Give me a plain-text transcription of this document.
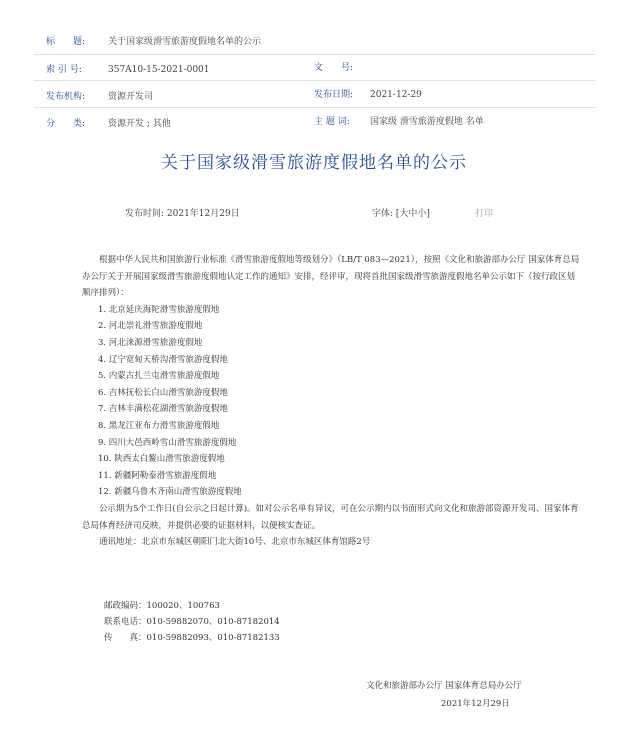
标　　题:	关于国家级滑雪旅游度假地名单的公示
索 引 号:	357A10-15-2021-0001	文　　号:
发布机构:	资源开发司	发布日期: 2021-12-29
分　　类:	资源开发 ; 其他	主 题 词: 国家级 滑雪旅游度假地 名单
关于国家级滑雪旅游度假地名单的公示
发布时间: 2021年12月29日	字体: [大中小]	打印

根据中华人民共和国旅游行业标准《滑雪旅游度假地等级划分》（LB/T 083—2021），按照《文化和旅游部办公厅 国家体育总局办公厅关于开展国家级滑雪旅游度假地认定工作的通知》安排，经评审，现将首批国家级滑雪旅游度假地名单公示如下（按行政区划顺序排列）：

1. 北京延庆海陀滑雪旅游度假地
2. 河北崇礼滑雪旅游度假地
3. 河北涞源滑雪旅游度假地
4. 辽宁宽甸天桥沟滑雪旅游度假地
5. 内蒙古扎兰屯滑雪旅游度假地
6. 吉林抚松长白山滑雪旅游度假地
7. 吉林丰满松花湖滑雪旅游度假地
8. 黑龙江亚布力滑雪旅游度假地
9. 四川大邑西岭雪山滑雪旅游度假地
10. 陕西太白鳌山滑雪旅游度假地
11. 新疆阿勒泰滑雪旅游度假地
12. 新疆乌鲁木齐南山滑雪旅游度假地

公示期为5个工作日(自公示之日起计算)。如对公示名单有异议，可在公示期内以书面形式向文化和旅游部资源开发司、国家体育总局体育经济司反映，并提供必要的证据材料，以便核实查证。

通讯地址：北京市东城区朝阳门北大街10号、北京市东城区体育馆路2号

邮政编码：100020、100763
联系电话：010-59882070、010-87182014
传　　真：010-59882093、010-87182133
文化和旅游部办公厅 国家体育总局办公厅
2021年12月29日
